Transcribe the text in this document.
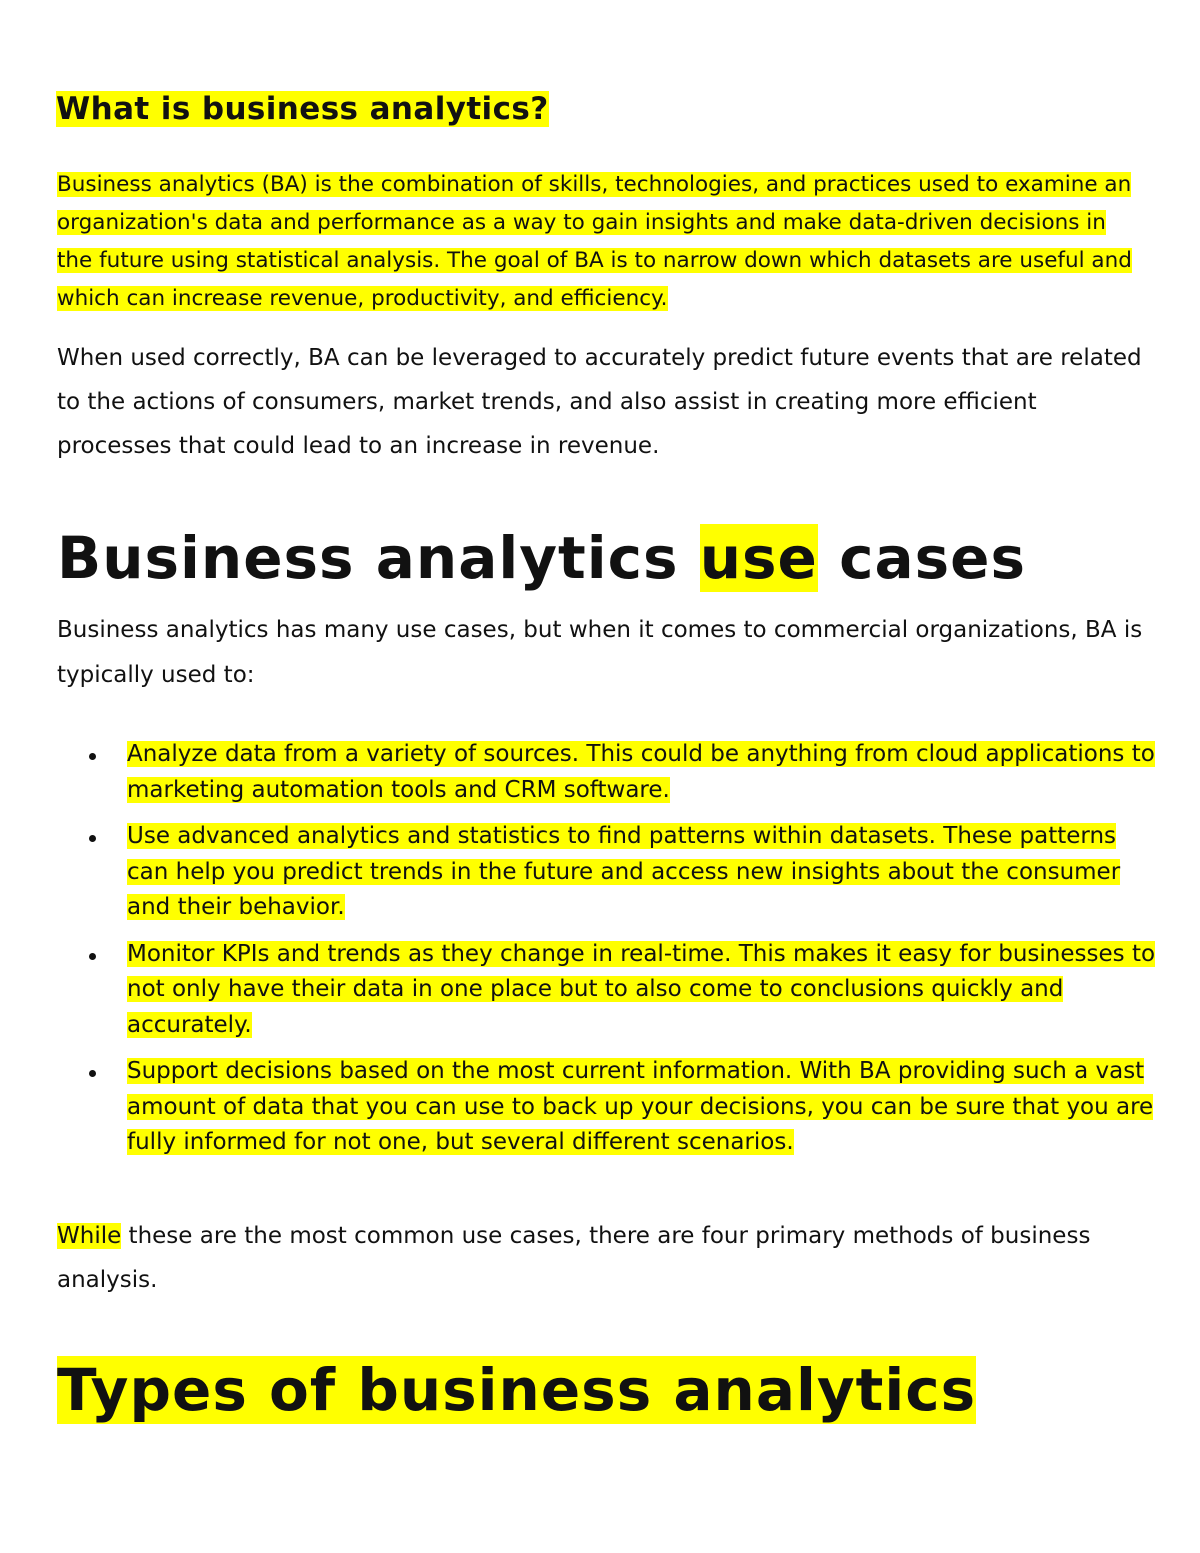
What is business analytics?

Business analytics (BA) is the combination of skills, technologies, and practices used to examine an organization's data and performance as a way to gain insights and make data-driven decisions in the future using statistical analysis. The goal of BA is to narrow down which datasets are useful and which can increase revenue, productivity, and efficiency.

When used correctly, BA can be leveraged to accurately predict future events that are related to the actions of consumers, market trends, and also assist in creating more efficient processes that could lead to an increase in revenue.

Business analytics use cases

Business analytics has many use cases, but when it comes to commercial organizations, BA is typically used to:

Analyze data from a variety of sources. This could be anything from cloud applications to marketing automation tools and CRM software.
Use advanced analytics and statistics to find patterns within datasets. These patterns can help you predict trends in the future and access new insights about the consumer and their behavior.
Monitor KPIs and trends as they change in real-time. This makes it easy for businesses to not only have their data in one place but to also come to conclusions quickly and accurately.
Support decisions based on the most current information. With BA providing such a vast amount of data that you can use to back up your decisions, you can be sure that you are fully informed for not one, but several different scenarios.

While these are the most common use cases, there are four primary methods of business analysis.

Types of business analytics
